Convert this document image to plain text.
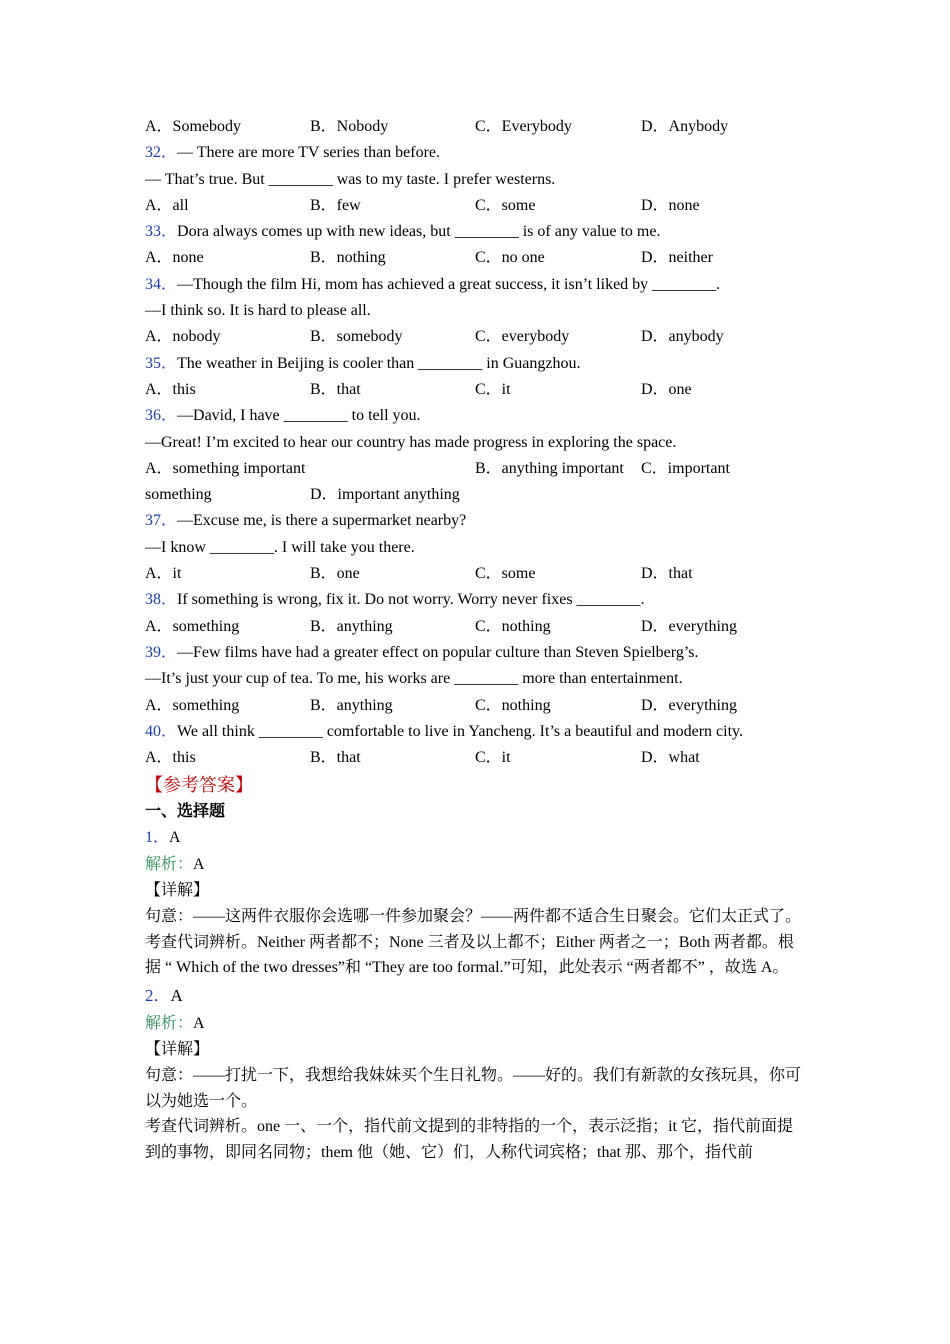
A．Somebody	B．Nobody	C．Everybody	D．Anybody
32．— There are more TV series than before.
— That’s true. But ________ was to my taste. I prefer westerns.
A．all	B．few	C．some	D．none
33．Dora always comes up with new ideas, but ________ is of any value to me.
A．none	B．nothing	C．no one	D．neither
34．—Though the film Hi, mom has achieved a great success, it isn’t liked by ________.
—I think so. It is hard to please all.
A．nobody	B．somebody	C．everybody	D．anybody
35．The weather in Beijing is cooler than ________ in Guangzhou.
A．this	B．that	C．it	D．one
36．—David, I have ________ to tell you.
—Great! I’m excited to hear our country has made progress in exploring the space.
A．something important	B．anything important C．important
something	D．important anything
37．—Excuse me, is there a supermarket nearby?
—I know ________. I will take you there.
A．it	B．one	C．some	D．that
38．If something is wrong, fix it. Do not worry. Worry never fixes ________.
A．something	B．anything	C．nothing	D．everything
39．—Few films have had a greater effect on popular culture than Steven Spielberg’s.
—It’s just your cup of tea. To me, his works are ________ more than entertainment.
A．something	B．anything	C．nothing	D．everything
40．We all think ________ comfortable to live in Yancheng. It’s a beautiful and modern city.
A．this	B．that	C．it	D．what
【参考答案】
一、选择题
1．A
解析：A
【详解】
句意：——这两件衣服你会选哪一件参加聚会？——两件都不适合生日聚会。它们太正式了。
考查代词辨析。Neither 两者都不；None 三者及以上都不；Either 两者之一；Both 两者都。根据 “ Which of the two dresses”和 “They are too formal.”可知，此处表示 “两者都不” ，故选 A。
2．A
解析：A
【详解】
句意：——打扰一下，我想给我妹妹买个生日礼物。——好的。我们有新款的女孩玩具，你可以为她选一个。
考查代词辨析。one 一、一个，指代前文提到的非特指的一个，表示泛指；it 它，指代前面提到的事物，即同名同物；them 他（她、它）们，人称代词宾格；that 那、那个，指代前
